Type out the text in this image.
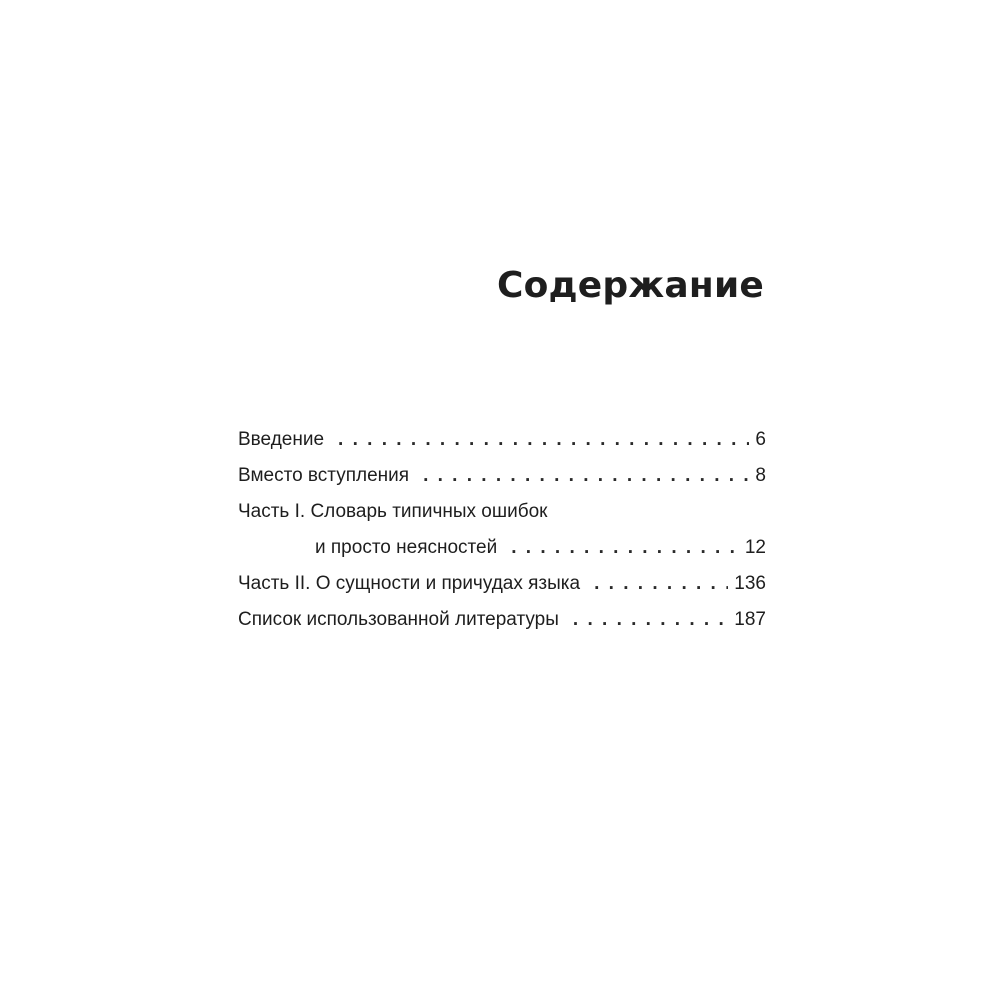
Содержание
Введение . . .	6
Вместо вступления . . .	8
Часть I. Словарь типичных ошибок
и просто неясностей . . .	12
Часть II. О сущности и причудах языка . . .	136
Список использованной литературы . . .	187
